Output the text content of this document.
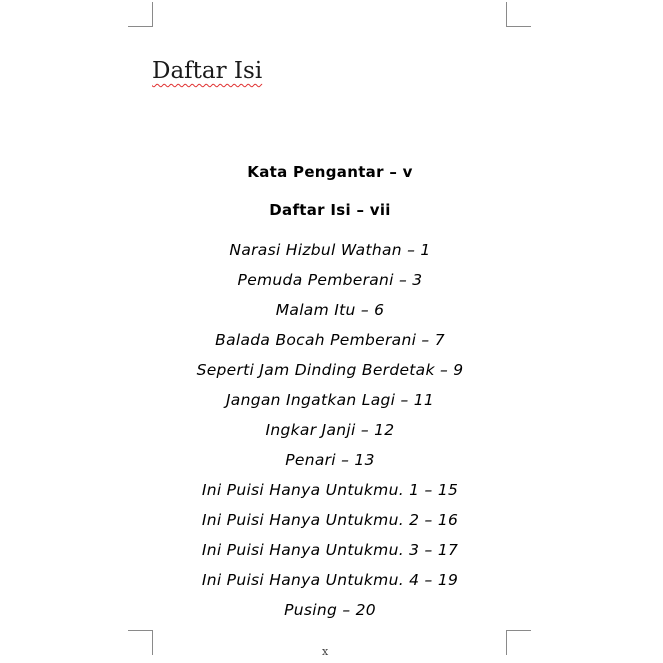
Daftar Isi
Kata Pengantar – v
Daftar Isi – vii
Narasi Hizbul Wathan – 1
Pemuda Pemberani – 3
Malam Itu – 6
Balada Bocah Pemberani – 7
Seperti Jam Dinding Berdetak – 9
Jangan Ingatkan Lagi – 11
Ingkar Janji – 12
Penari – 13
Ini Puisi Hanya Untukmu. 1 – 15
Ini Puisi Hanya Untukmu. 2 – 16
Ini Puisi Hanya Untukmu. 3 – 17
Ini Puisi Hanya Untukmu. 4 – 19
Pusing – 20
x
